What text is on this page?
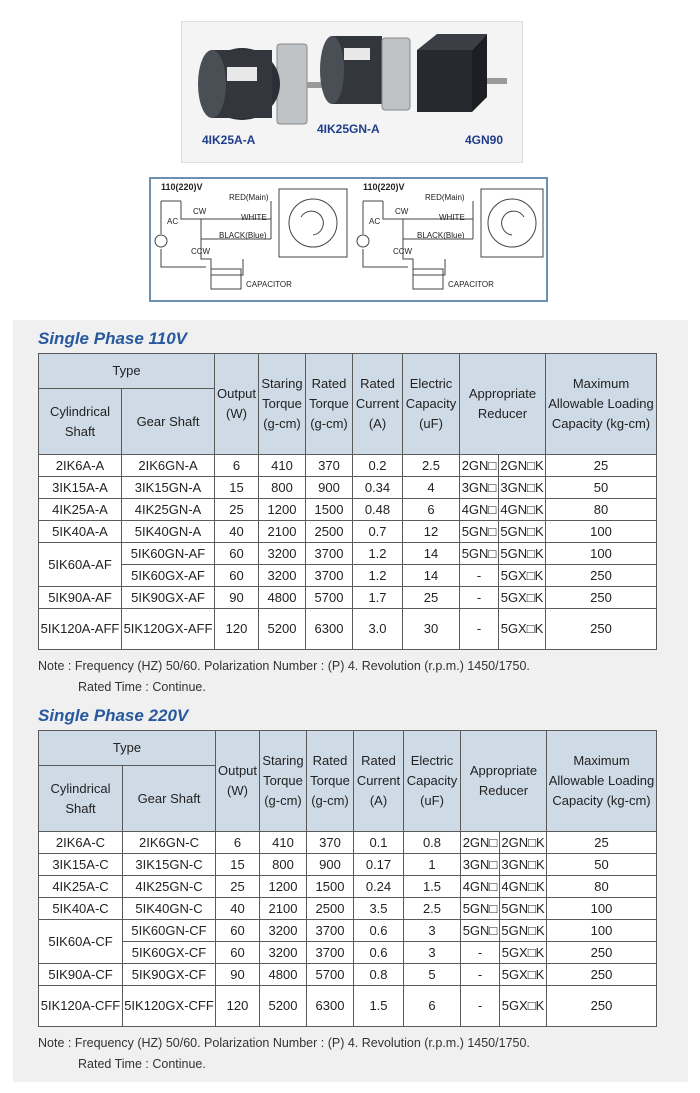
4IK25A-A
4IK25GN-A
4GN90
110(220)V
AC
CW
CCW
RED(Main)
WHITE
BLACK(Blue)
CAPACITOR
110(220)V
AC
CW
CCW
RED(Main)
WHITE
BLACK(Blue)
CAPACITOR
Single Phase 110V
Type		Output (W)	Staring Torque (g-cm)	Rated Torque (g-cm)	Rated Current (A)	Electric Capacity (uF)	Appropriate Reducer		Maximum Allowable Loading Capacity (kg-cm)
Cylindrical Shaft	Gear Shaft								
2IK6A-A	2IK6GN-A	6	410	370	0.2	2.5	2GN□	2GN□K	25
3IK15A-A	3IK15GN-A	15	800	900	0.34	4	3GN□	3GN□K	50
4IK25A-A	4IK25GN-A	25	1200	1500	0.48	6	4GN□	4GN□K	80
5IK40A-A	5IK40GN-A	40	2100	2500	0.7	12	5GN□	5GN□K	100
5IK60A-AF	5IK60GN-AF	60	3200	3700	1.2	14	5GN□	5GN□K	100
	5IK60GX-AF	60	3200	3700	1.2	14	-	5GX□K	250
5IK90A-AF	5IK90GX-AF	90	4800	5700	1.7	25	-	5GX□K	250
5IK120A-AFF	5IK120GX-AFF	120	5200	6300	3.0	30	-	5GX□K	250
Note : Frequency (HZ) 50/60. Polarization Number : (P) 4. Revolution (r.p.m.) 1450/1750.
Rated Time : Continue.
Single Phase 220V
Type		Output (W)	Staring Torque (g-cm)	Rated Torque (g-cm)	Rated Current (A)	Electric Capacity (uF)	Appropriate Reducer		Maximum Allowable Loading Capacity (kg-cm)
Cylindrical Shaft	Gear Shaft								
2IK6A-C	2IK6GN-C	6	410	370	0.1	0.8	2GN□	2GN□K	25
3IK15A-C	3IK15GN-C	15	800	900	0.17	1	3GN□	3GN□K	50
4IK25A-C	4IK25GN-C	25	1200	1500	0.24	1.5	4GN□	4GN□K	80
5IK40A-C	5IK40GN-C	40	2100	2500	3.5	2.5	5GN□	5GN□K	100
5IK60A-CF	5IK60GN-CF	60	3200	3700	0.6	3	5GN□	5GN□K	100
	5IK60GX-CF	60	3200	3700	0.6	3	-	5GX□K	250
5IK90A-CF	5IK90GX-CF	90	4800	5700	0.8	5	-	5GX□K	250
5IK120A-CFF	5IK120GX-CFF	120	5200	6300	1.5	6	-	5GX□K	250
Note : Frequency (HZ) 50/60. Polarization Number : (P) 4. Revolution (r.p.m.) 1450/1750.
Rated Time : Continue.
